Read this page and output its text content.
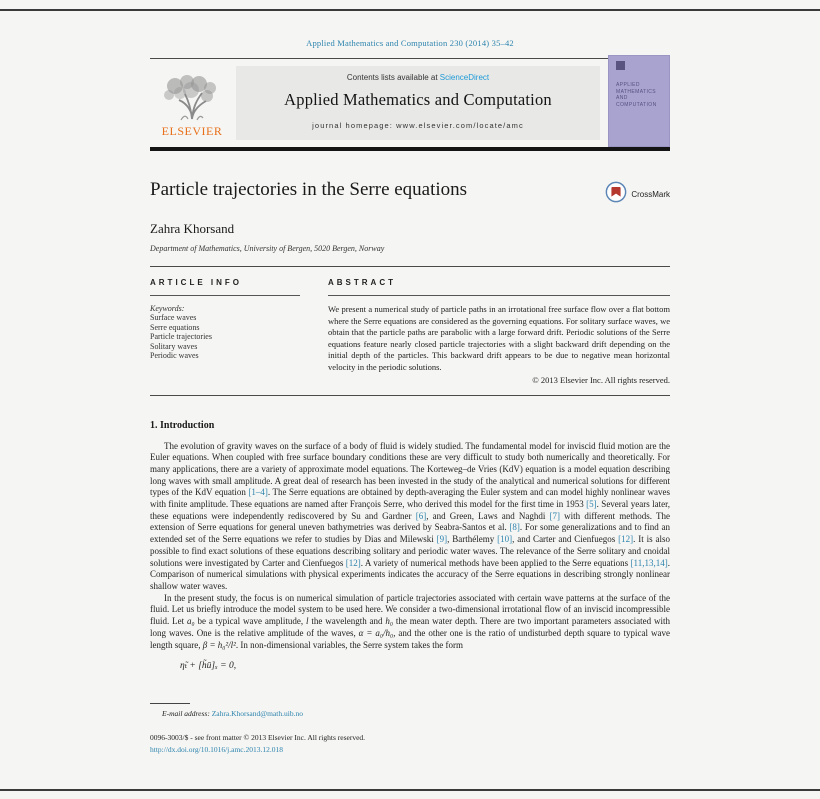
Applied Mathematics and Computation 230 (2014) 35–42
ELSEVIER
Contents lists available at ScienceDirect
Applied Mathematics and Computation
journal homepage: www.elsevier.com/locate/amc
APPLIED MATHEMATICS AND COMPUTATION
Particle trajectories in the Serre equations	CrossMark
Zahra Khorsand
Department of Mathematics, University of Bergen, 5020 Bergen, Norway
ARTICLE INFO
Keywords:
Surface waves
Serre equations
Particle trajectories
Solitary waves
Periodic waves
ABSTRACT
We present a numerical study of particle paths in an irrotational free surface flow over a flat bottom where the Serre equations are considered as the governing equations. For solitary surface waves, we obtain that the particle paths are parabolic with a large forward drift. Periodic solutions of the Serre equations feature nearly closed particle trajectories with a slight backward drift depending on the initial depth of the particles. This backward drift appears to be due to negative mean horizontal velocity in the periodic solutions.
© 2013 Elsevier Inc. All rights reserved.
1. Introduction

The evolution of gravity waves on the surface of a body of fluid is widely studied. The fundamental model for inviscid fluid motion are the Euler equations. When coupled with free surface boundary conditions these are very difficult to study both numerically and theoretically. For many applications, there are a variety of approximate model equations. The Korteweg–de Vries (KdV) equation is a model equation describing long waves with small amplitude. A great deal of research has been invested in the study of the analytical and numerical solutions for different types of the KdV equation [1–4]. The Serre equations are obtained by depth-averaging the Euler system and can model highly nonlinear waves with finite amplitude. These equations are named after François Serre, who derived this model for the first time in 1953 [5]. Several years later, these equations were independently rediscovered by Su and Gardner [6], and Green, Laws and Naghdi [7] with different methods. The extension of Serre equations for general uneven bathymetries was derived by Seabra-Santos et al. [8]. For some generalizations and to find an extended set of the Serre equations we refer to studies by Dias and Milewski [9], Barthélemy [10], and Carter and Cienfuegos [12]. It is also possible to find exact solutions of these equations describing solitary and periodic water waves. The relevance of the Serre solitary and cnoidal solutions were investigated by Carter and Cienfuegos [12]. A variety of numerical methods have been applied to the Serre equations [11,13,14]. Comparison of numerical simulations with physical experiments indicates the accuracy of the Serre equations in describing strongly nonlinear shallow water waves.

In the present study, the focus is on numerical simulation of particle trajectories associated with certain wave patterns at the surface of the fluid. Let us briefly introduce the model system to be used here. We consider a two-dimensional irrotational flow of an inviscid incompressible fluid. Let a₀ be a typical wave amplitude, l the wavelength and h₀ the mean water depth. There are two important parameters associated with long waves. One is the relative amplitude of the waves, α = a₀/h₀, and the other one is the ratio of undisturbed depth square to typical wave length square, β = h₀²/l². In non-dimensional variables, the Serre system takes the form

η̃ₜ + [h̃ū]ₓ = 0,
E-mail address: Zahra.Khorsand@math.uib.no
0096-3003/$ - see front matter © 2013 Elsevier Inc. All rights reserved.
http://dx.doi.org/10.1016/j.amc.2013.12.018
